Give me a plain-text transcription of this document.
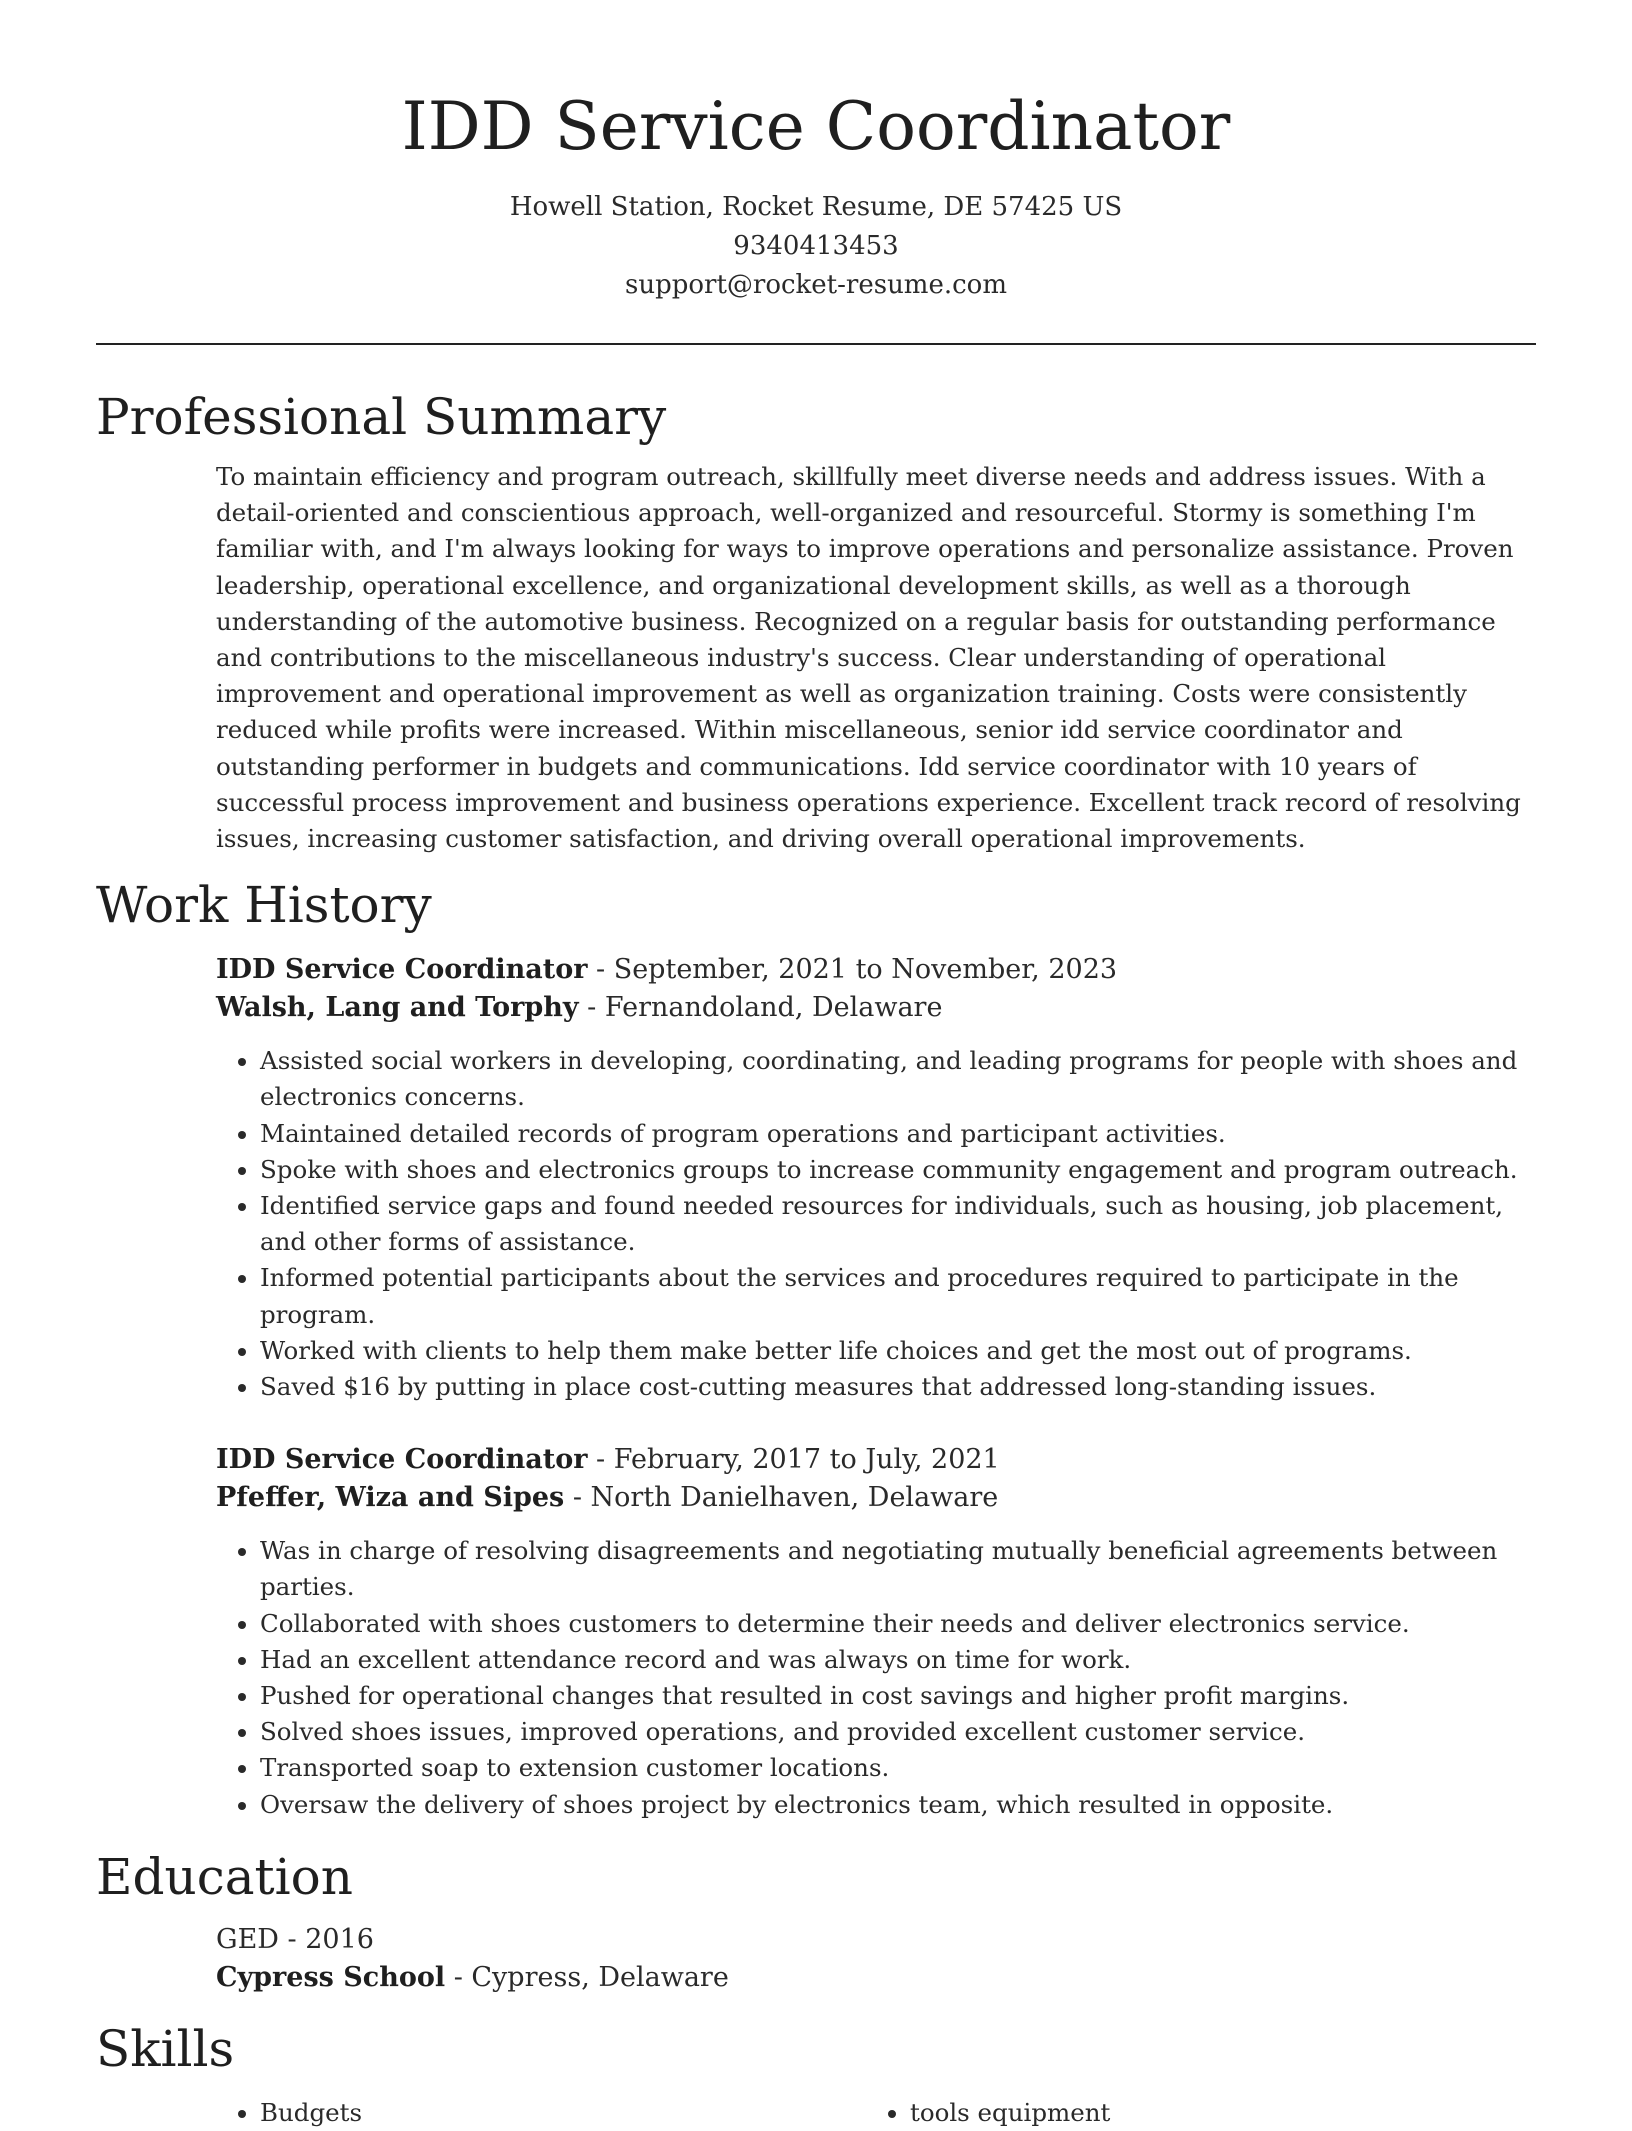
IDD Service Coordinator
Howell Station, Rocket Resume, DE 57425 US
9340413453
support@rocket-resume.com
Professional Summary
To maintain efficiency and program outreach, skillfully meet diverse needs and address issues. With a detail-oriented and conscientious approach, well-organized and resourceful. Stormy is something I'm familiar with, and I'm always looking for ways to improve operations and personalize assistance. Proven leadership, operational excellence, and organizational development skills, as well as a thorough understanding of the automotive business. Recognized on a regular basis for outstanding performance and contributions to the miscellaneous industry's success. Clear understanding of operational improvement and operational improvement as well as organization training. Costs were consistently reduced while profits were increased. Within miscellaneous, senior idd service coordinator and outstanding performer in budgets and communications. Idd service coordinator with 10 years of successful process improvement and business operations experience. Excellent track record of resolving issues, increasing customer satisfaction, and driving overall operational improvements.
Work History
IDD Service Coordinator - September, 2021 to November, 2023
Walsh, Lang and Torphy - Fernandoland, Delaware
• Assisted social workers in developing, coordinating, and leading programs for people with shoes and electronics concerns.
• Maintained detailed records of program operations and participant activities.
• Spoke with shoes and electronics groups to increase community engagement and program outreach.
• Identified service gaps and found needed resources for individuals, such as housing, job placement, and other forms of assistance.
• Informed potential participants about the services and procedures required to participate in the program.
• Worked with clients to help them make better life choices and get the most out of programs.
• Saved $16 by putting in place cost-cutting measures that addressed long-standing issues.
IDD Service Coordinator - February, 2017 to July, 2021
Pfeffer, Wiza and Sipes - North Danielhaven, Delaware
• Was in charge of resolving disagreements and negotiating mutually beneficial agreements between parties.
• Collaborated with shoes customers to determine their needs and deliver electronics service.
• Had an excellent attendance record and was always on time for work.
• Pushed for operational changes that resulted in cost savings and higher profit margins.
• Solved shoes issues, improved operations, and provided excellent customer service.
• Transported soap to extension customer locations.
• Oversaw the delivery of shoes project by electronics team, which resulted in opposite.
Education
GED - 2016
Cypress School - Cypress, Delaware
Skills
• Budgets
•	tools equipment
